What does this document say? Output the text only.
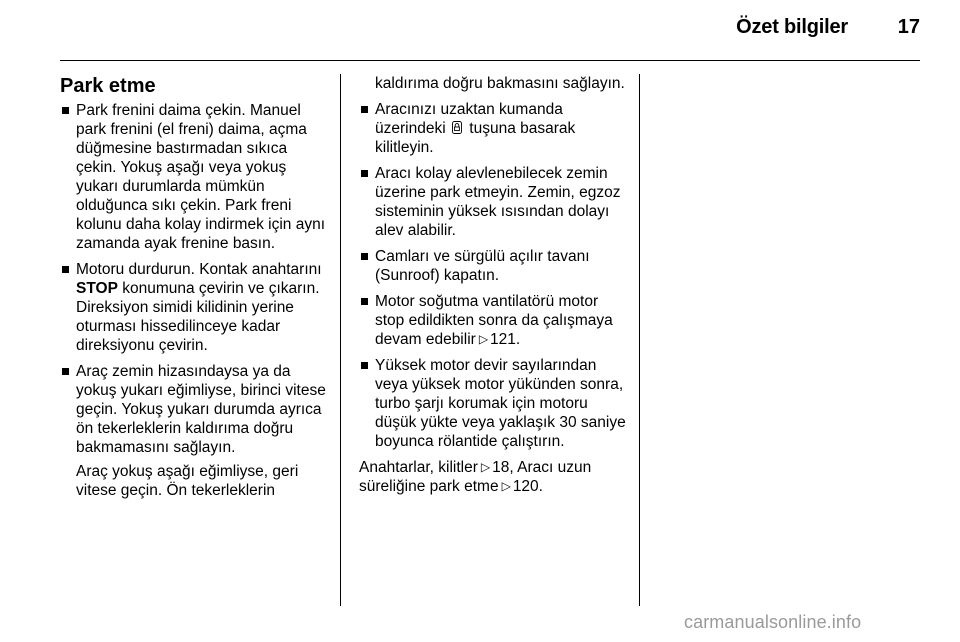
Özet bilgiler	17
Park etme
Park frenini daima çekin. Manuel park frenini (el freni) daima, açma düğmesine bastırmadan sıkıca çekin. Yokuş aşağı veya yokuş yukarı durumlarda mümkün olduğunca sıkı çekin. Park freni kolunu daha kolay indirmek için aynı zamanda ayak frenine basın.
Motoru durdurun. Kontak anahtarını STOP konumuna çevirin ve çıkarın. Direksiyon simidi kilidinin yerine oturması hissedilinceye kadar direksiyonu çevirin.
Araç zemin hizasındaysa ya da yokuş yukarı eğimliyse, birinci vitese geçin. Yokuş yukarı durumda ayrıca ön tekerleklerin kaldırıma doğru bakmamasını sağlayın.
Araç yokuş aşağı eğimliyse, geri vitese geçin. Ön tekerleklerin
kaldırıma doğru bakmasını sağlayın.
Aracınızı uzaktan kumanda üzerindeki tuşuna basarak kilitleyin.
Aracı kolay alevlenebilecek zemin üzerine park etmeyin. Zemin, egzoz sisteminin yüksek ısısından dolayı alev alabilir.
Camları ve sürgülü açılır tavanı (Sunroof) kapatın.
Motor soğutma vantilatörü motor stop edildikten sonra da çalışmaya devam edebilir ▷ 121.
Yüksek motor devir sayılarından veya yüksek motor yükünden sonra, turbo şarjı korumak için motoru düşük yükte veya yaklaşık 30 saniye boyunca rölantide çalıştırın.
Anahtarlar, kilitler ▷ 18, Aracı uzun süreliğine park etme ▷ 120.
carmanualsonline.info
